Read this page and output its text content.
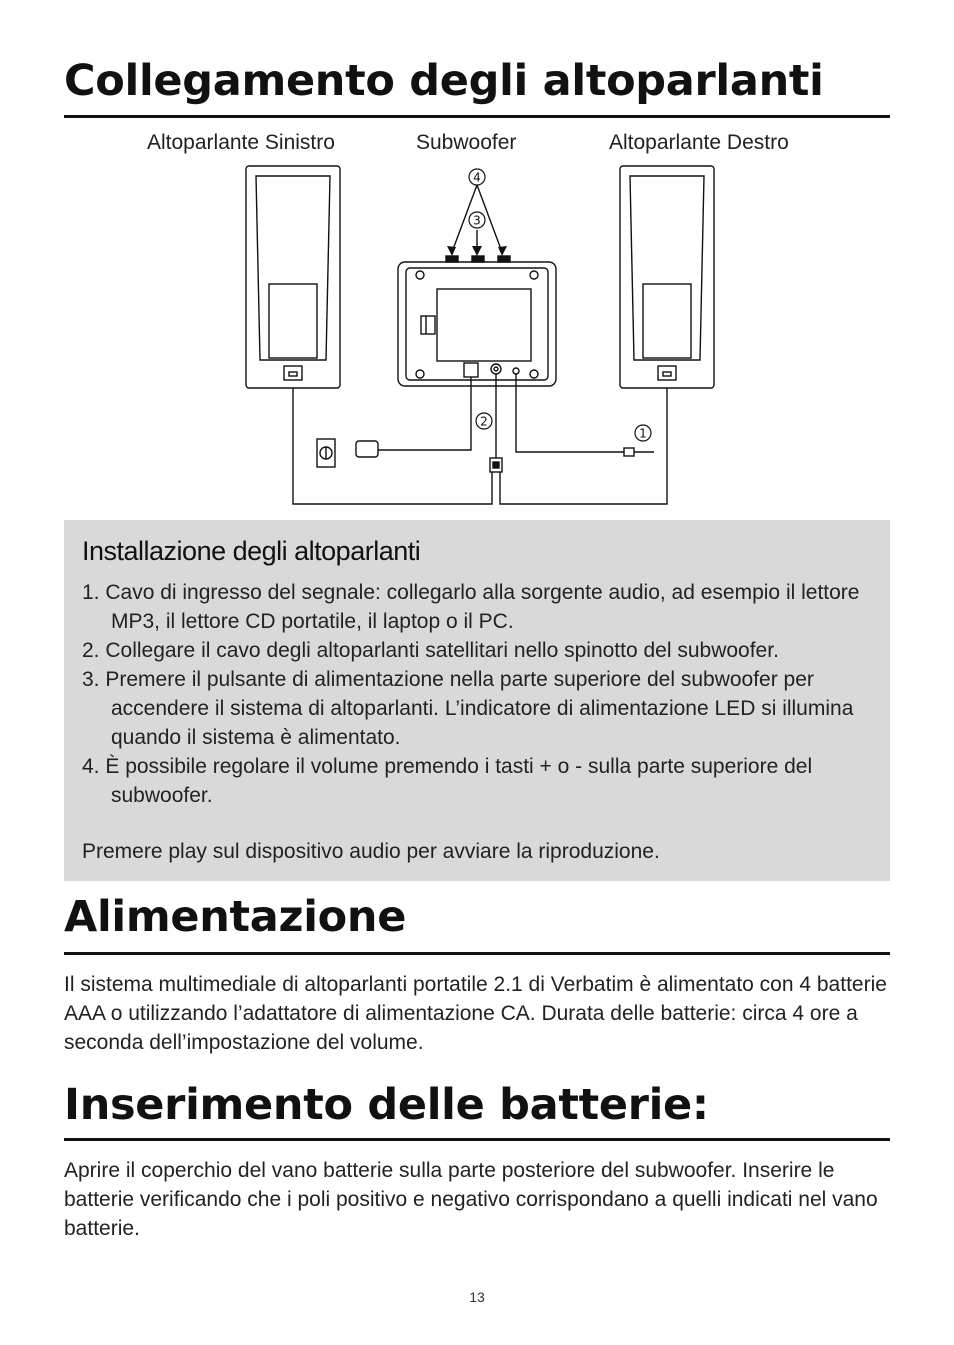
Collegamento degli altoparlanti
Altoparlante Sinistro	Subwoofer	Altoparlante Destro
4
3
2
1
Installazione degli altoparlanti
1. Cavo di ingresso del segnale: collegarlo alla sorgente audio, ad esempio il lettore MP3, il lettore CD portatile, il laptop o il PC.
2. Collegare il cavo degli altoparlanti satellitari nello spinotto del subwoofer.
3. Premere il pulsante di alimentazione nella parte superiore del subwoofer per accendere il sistema di altoparlanti. L’indicatore di alimentazione LED si illumina quando il sistema è alimentato.
4. È possibile regolare il volume premendo i tasti + o - sulla parte superiore del subwoofer.

Premere play sul dispositivo audio per avviare la riproduzione.

Alimentazione

Il sistema multimediale di altoparlanti portatile 2.1 di Verbatim è alimentato con 4 batterie AAA o utilizzando l’adattatore di alimentazione CA. Durata delle batterie: circa 4 ore a seconda dell’impostazione del volume.

Inserimento delle batterie:

Aprire il coperchio del vano batterie sulla parte posteriore del subwoofer. Inserire le batterie verificando che i poli positivo e negativo corrispondano a quelli indicati nel vano batterie.

13
